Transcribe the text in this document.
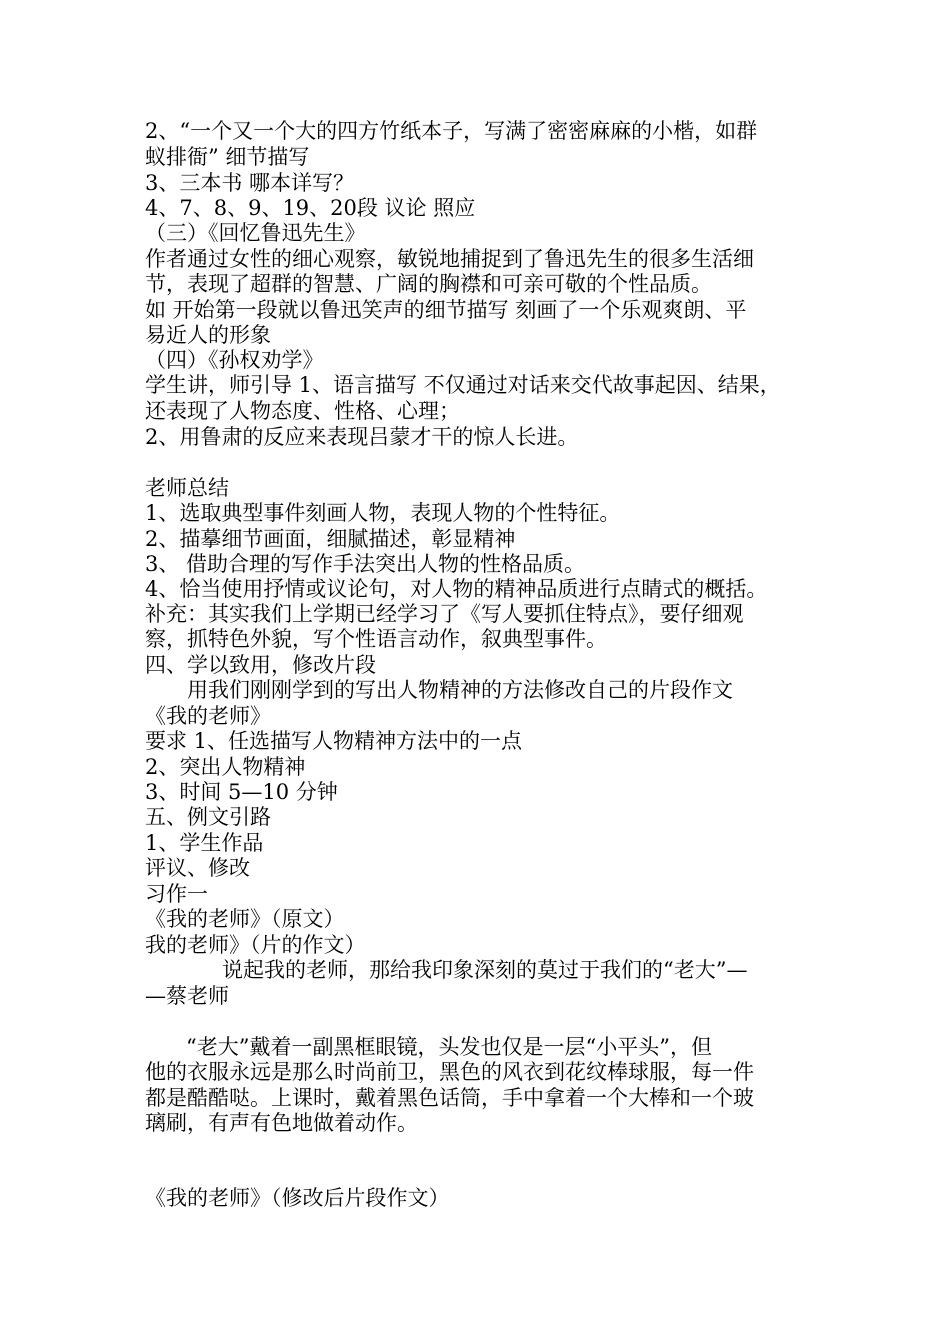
2、“一个又一个大的四方竹纸本子，写满了密密麻麻的小楷，如群
蚁排衙” 细节描写
3、三本书 哪本详写？
4、7、8、9、19、20段 议论 照应
（三）《回忆鲁迅先生》
作者通过女性的细心观察，敏锐地捕捉到了鲁迅先生的很多生活细
节，表现了超群的智慧、广阔的胸襟和可亲可敬的个性品质。
如 开始第一段就以鲁迅笑声的细节描写 刻画了一个乐观爽朗、平
易近人的形象
（四）《孙权劝学》
学生讲，师引导 1、语言描写 不仅通过对话来交代故事起因、结果，
还表现了人物态度、性格、心理；
2、用鲁肃的反应来表现吕蒙才干的惊人长进。
老师总结
1、选取典型事件刻画人物，表现人物的个性特征。
2、描摹细节画面，细腻描述，彰显精神
3、 借助合理的写作手法突出人物的性格品质。
4、恰当使用抒情或议论句，对人物的精神品质进行点睛式的概括。
补充：其实我们上学期已经学习了《写人要抓住特点》，要仔细观
察，抓特色外貌，写个性语言动作，叙典型事件。
四、学以致用，修改片段
用我们刚刚学到的写出人物精神的方法修改自己的片段作文
《我的老师》
要求 1、任选描写人物精神方法中的一点
2、突出人物精神
3、时间 5—10 分钟
五、例文引路
1、学生作品
评议、修改
习作一
《我的老师》（原文）
我的老师》（片的作文）
说起我的老师，那给我印象深刻的莫过于我们的“老大”—
—蔡老师
“老大”戴着一副黑框眼镜，头发也仅是一层“小平头”，但
他的衣服永远是那么时尚前卫，黑色的风衣到花纹棒球服，每一件
都是酷酷哒。上课时，戴着黑色话筒，手中拿着一个大棒和一个玻
璃刷，有声有色地做着动作。
《我的老师》（修改后片段作文）
